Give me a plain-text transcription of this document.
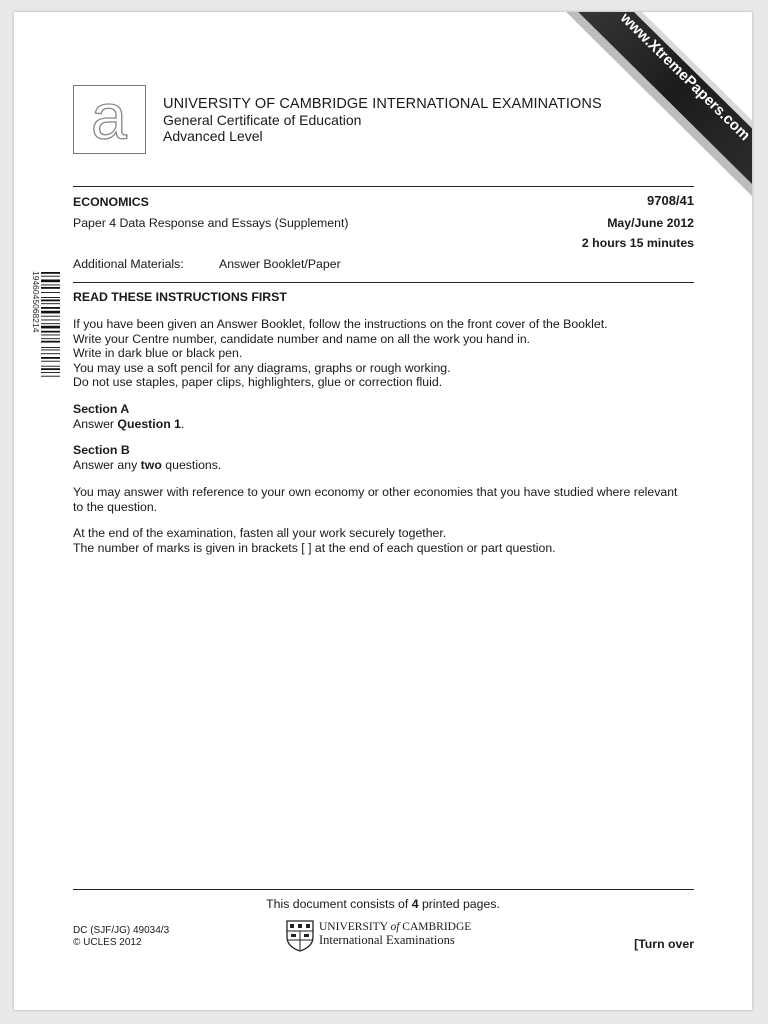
www.XtremePapers.com
a UNIVERSITY OF CAMBRIDGE INTERNATIONAL EXAMINATIONS
General Certificate of Education
Advanced Level
ECONOMICS	9708/41
Paper 4 Data Response and Essays (Supplement)	May/June 2012
2 hours 15 minutes
Additional Materials:	Answer Booklet/Paper
1946045068214	READ THESE INSTRUCTIONS FIRST

If you have been given an Answer Booklet, follow the instructions on the front cover of the Booklet.

Write your Centre number, candidate number and name on all the work you hand in.

Write in dark blue or black pen.

You may use a soft pencil for any diagrams, graphs or rough working.

Do not use staples, paper clips, highlighters, glue or correction fluid.

Section A

Answer Question 1.

Section B

Answer any two questions.

You may answer with reference to your own economy or other economies that you have studied where relevant

to the question.

At the end of the examination, fasten all your work securely together.

The number of marks is given in brackets [ ] at the end of each question or part question.

This document consists of 4 printed pages.
DC (SJF/JG) 49034/3
© UCLES 2012
UNIVERSITY of CAMBRIDGE
International Examinations	[Turn over
